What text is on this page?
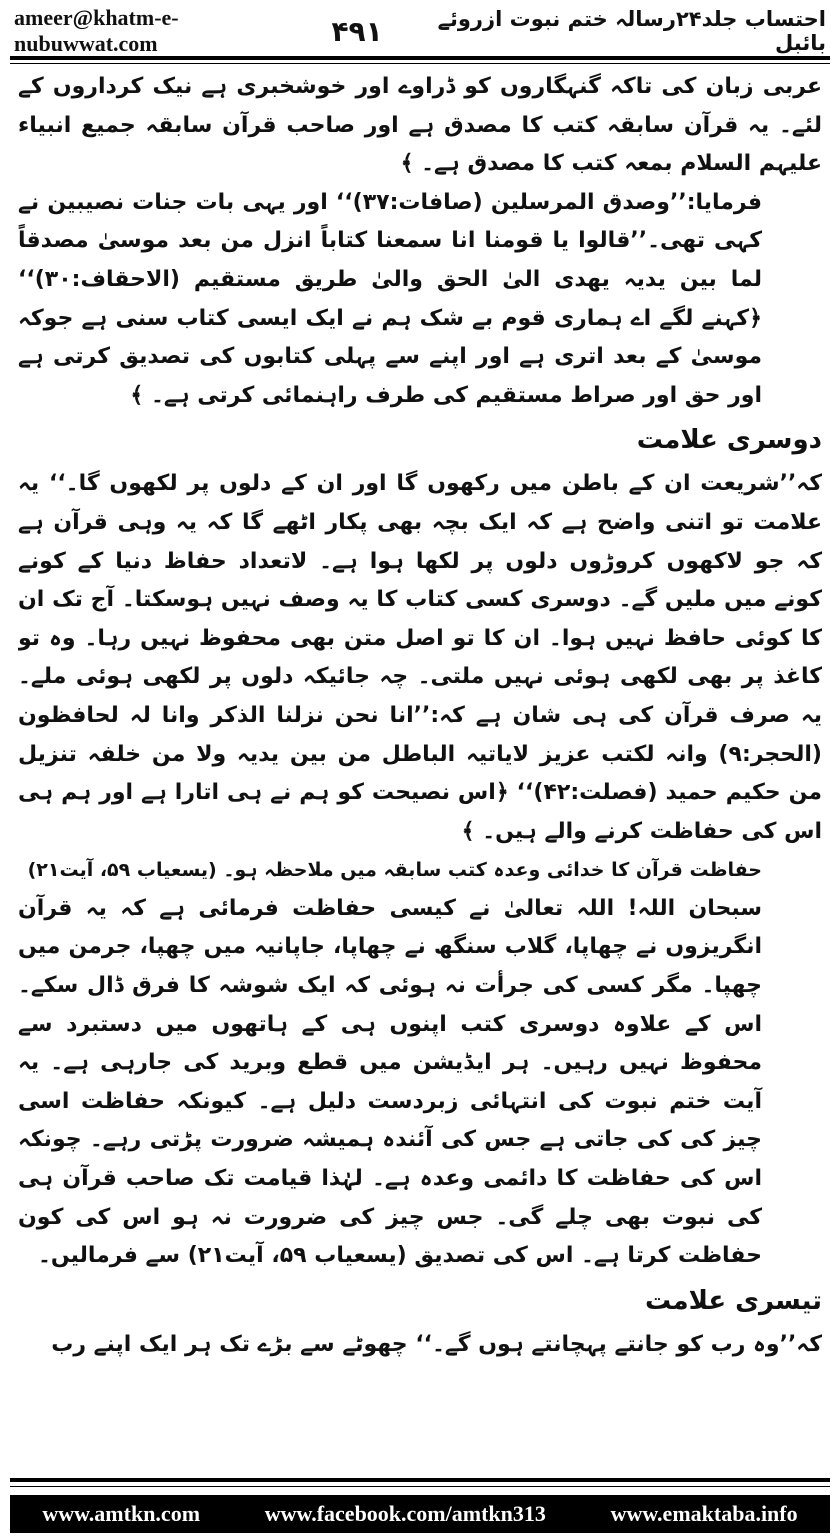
ameer@khatm-e-nubuwwat.com	۴۹۱	احتساب جلد۲۴رسالہ ختم نبوت ازروئے بائبل

عربی زبان کی تاکہ گنہگاروں کو ڈراوے اور خوشخبری ہے نیک کرداروں کے لئے۔ یہ قرآن سابقہ کتب کا مصدق ہے اور صاحب قرآن سابقہ جمیع انبیاء علیہم السلام بمعہ کتب کا مصدق ہے۔ ﴾

فرمایا:’’وصدق المرسلین (صافات:۳۷)‘‘ اور یہی بات جنات نصیبین نے کہی تھی۔’’قالوا یا قومنا انا سمعنا کتاباً انزل من بعد موسیٰ مصدقاً لما بین یدیہ یھدی الیٰ الحق والیٰ طریق مستقیم (الاحقاف:۳۰)‘‘ ﴿کہنے لگے اے ہماری قوم بے شک ہم نے ایک ایسی کتاب سنی ہے جوکہ موسیٰ کے بعد اتری ہے اور اپنے سے پہلی کتابوں کی تصدیق کرتی ہے اور حق اور صراط مستقیم کی طرف راہنمائی کرتی ہے۔ ﴾

دوسری علامت

کہ’’شریعت ان کے باطن میں رکھوں گا اور ان کے دلوں پر لکھوں گا۔‘‘ یہ علامت تو اتنی واضح ہے کہ ایک بچہ بھی پکار اٹھے گا کہ یہ وہی قرآن ہے کہ جو لاکھوں کروڑوں دلوں پر لکھا ہوا ہے۔ لاتعداد حفاظ دنیا کے کونے کونے میں ملیں گے۔ دوسری کسی کتاب کا یہ وصف نہیں ہوسکتا۔ آج تک ان کا کوئی حافظ نہیں ہوا۔ ان کا تو اصل متن بھی محفوظ نہیں رہا۔ وہ تو کاغذ پر بھی لکھی ہوئی نہیں ملتی۔ چہ جائیکہ دلوں پر لکھی ہوئی ملے۔ یہ صرف قرآن کی ہی شان ہے کہ:’’انا نحن نزلنا الذکر وانا لہ لحافظون (الحجر:۹) وانہ لکتب عزیز لایاتیہ الباطل من بین یدیہ ولا من خلفہ تنزیل من حکیم حمید (فصلت:۴۲)‘‘ ﴿اس نصیحت کو ہم نے ہی اتارا ہے اور ہم ہی اس کی حفاظت کرنے والے ہیں۔ ﴾

حفاظت قرآن کا خدائی وعدہ کتب سابقہ میں ملاحظہ ہو۔ (یسعیاب ۵۹، آیت۲۱)

سبحان اللہ! اللہ تعالیٰ نے کیسی حفاظت فرمائی ہے کہ یہ قرآن انگریزوں نے چھاپا، گلاب سنگھ نے چھاپا، جاپانیہ میں چھپا، جرمن میں چھپا۔ مگر کسی کی جرأت نہ ہوئی کہ ایک شوشہ کا فرق ڈال سکے۔ اس کے علاوہ دوسری کتب اپنوں ہی کے ہاتھوں میں دستبرد سے محفوظ نہیں رہیں۔ ہر ایڈیشن میں قطع وبرید کی جارہی ہے۔ یہ آیت ختم نبوت کی انتہائی زبردست دلیل ہے۔ کیونکہ حفاظت اسی چیز کی کی جاتی ہے جس کی آئندہ ہمیشہ ضرورت پڑتی رہے۔ چونکہ اس کی حفاظت کا دائمی وعدہ ہے۔ لہٰذا قیامت تک صاحب قرآن ہی کی نبوت بھی چلے گی۔ جس چیز کی ضرورت نہ ہو اس کی کون حفاظت کرتا ہے۔ اس کی تصدیق (یسعیاب ۵۹، آیت۲۱) سے فرمالیں۔

تیسری علامت

کہ’’وہ رب کو جانتے پہچانتے ہوں گے۔‘‘ چھوٹے سے بڑے تک ہر ایک اپنے رب

www.amtkn.com	www.facebook.com/amtkn313	www.emaktaba.info
